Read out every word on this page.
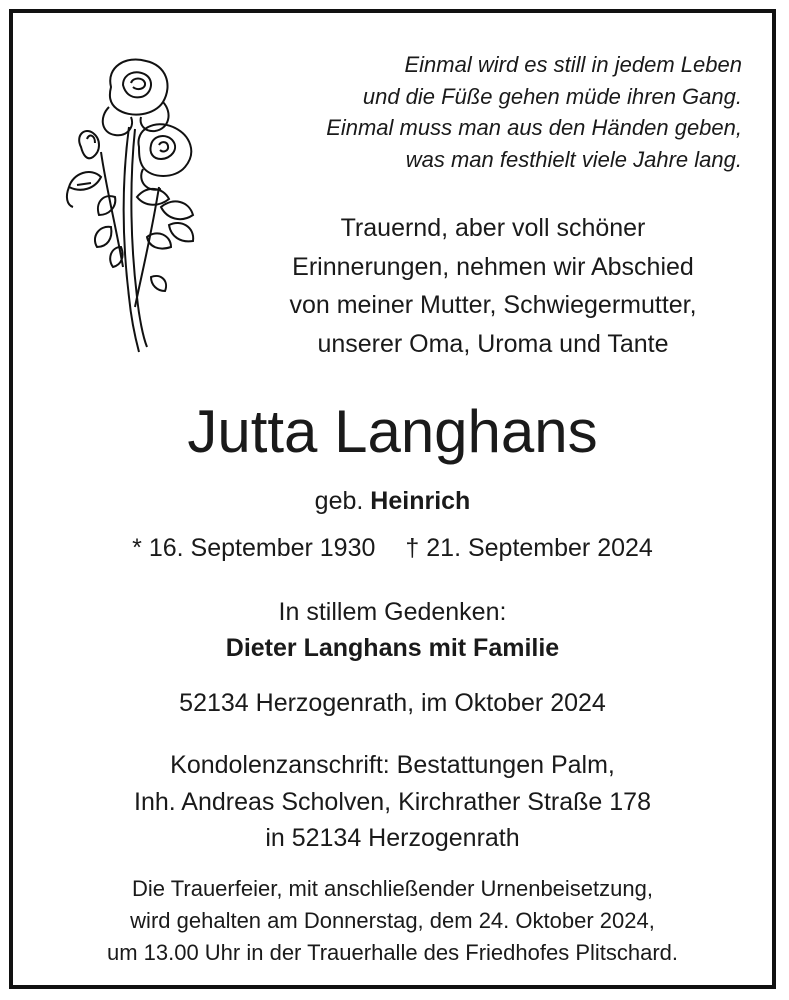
Einmal wird es still in jedem Leben
und die Füße gehen müde ihren Gang.
Einmal muss man aus den Händen geben,
was man festhielt viele Jahre lang.
Trauernd, aber voll schöner
Erinnerungen, nehmen wir Abschied
von meiner Mutter, Schwiegermutter,
unserer Oma, Uroma und Tante
Jutta Langhans
geb. Heinrich
* 16. September 1930 † 21. September 2024
In stillem Gedenken:
Dieter Langhans mit Familie
52134 Herzogenrath, im Oktober 2024
Kondolenzanschrift: Bestattungen Palm,
Inh. Andreas Scholven, Kirchrather Straße 178
in 52134 Herzogenrath
Die Trauerfeier, mit anschließender Urnenbeisetzung,
wird gehalten am Donnerstag, dem 24. Oktober 2024,
um 13.00 Uhr in der Trauerhalle des Friedhofes Plitschard.
